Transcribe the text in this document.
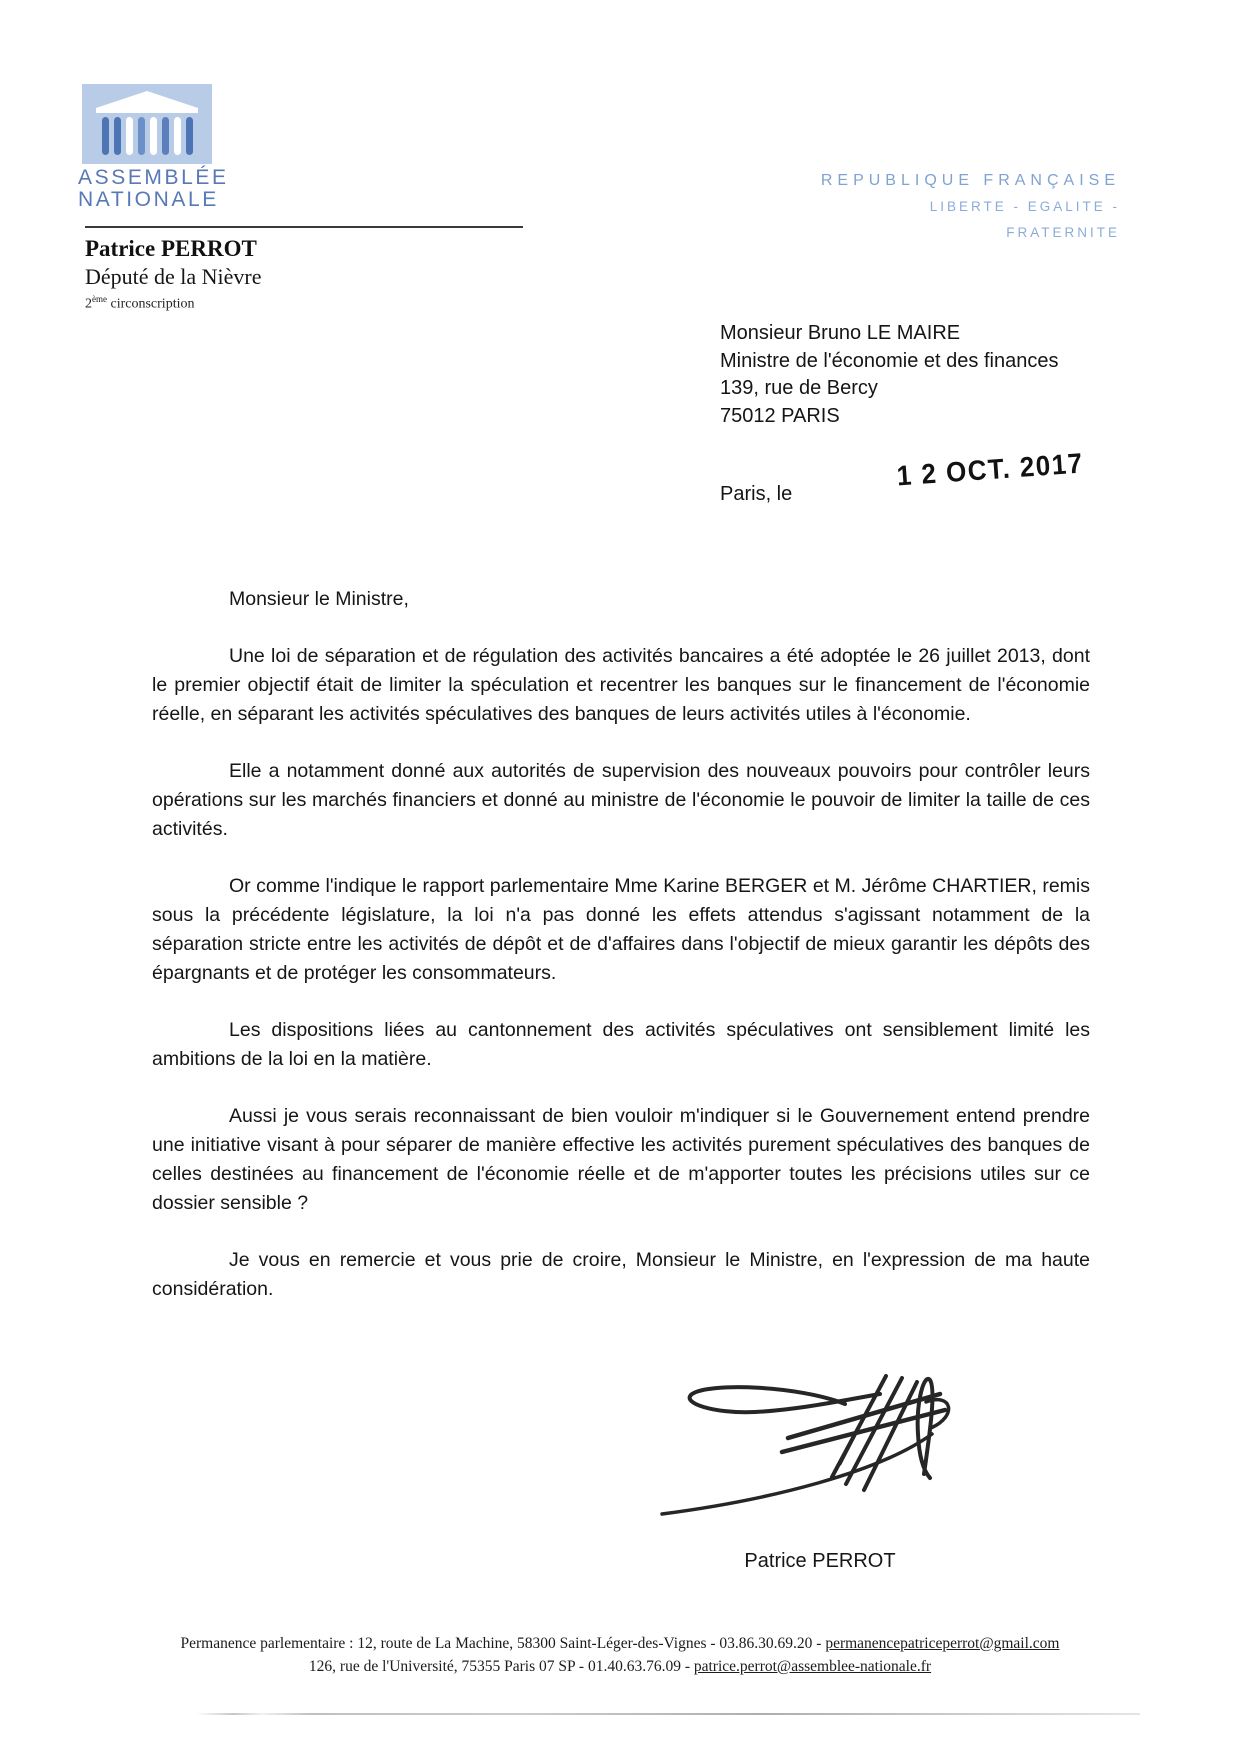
ASSEMBLÉE
NATIONALE
REPUBLIQUE FRANÇAISE
LIBERTE - EGALITE - FRATERNITE
Patrice PERROT
Député de la Nièvre
2ème circonscription
Monsieur Bruno LE MAIRE
Ministre de l'économie et des finances
139, rue de Bercy
75012 PARIS
Paris, le
1 2 OCT. 2017

Monsieur le Ministre,

Une loi de séparation et de régulation des activités bancaires a été adoptée le 26 juillet 2013, dont le premier objectif était de limiter la spéculation et recentrer les banques sur le financement de l'économie réelle, en séparant les activités spéculatives des banques de leurs activités utiles à l'économie.

Elle a notamment donné aux autorités de supervision des nouveaux pouvoirs pour contrôler leurs opérations sur les marchés financiers et donné au ministre de l'économie le pouvoir de limiter la taille de ces activités.

Or comme l'indique le rapport parlementaire Mme Karine BERGER et M. Jérôme CHARTIER, remis sous la précédente législature, la loi n'a pas donné les effets attendus s'agissant notamment de la séparation stricte entre les activités de dépôt et de d'affaires dans l'objectif de mieux garantir les dépôts des épargnants et de protéger les consommateurs.

Les dispositions liées au cantonnement des activités spéculatives ont sensiblement limité les ambitions de la loi en la matière.

Aussi je vous serais reconnaissant de bien vouloir m'indiquer si le Gouvernement entend prendre une initiative visant à pour séparer de manière effective les activités purement spéculatives des banques de celles destinées au financement de l'économie réelle et de m'apporter toutes les précisions utiles sur ce dossier sensible ?

Je vous en remercie et vous prie de croire, Monsieur le Ministre, en l'expression de ma haute considération.

Patrice PERROT
Permanence parlementaire : 12, route de La Machine, 58300 Saint-Léger-des-Vignes - 03.86.30.69.20 - permanencepatriceperrot@gmail.com
126, rue de l'Université, 75355 Paris 07 SP - 01.40.63.76.09 - patrice.perrot@assemblee-nationale.fr
